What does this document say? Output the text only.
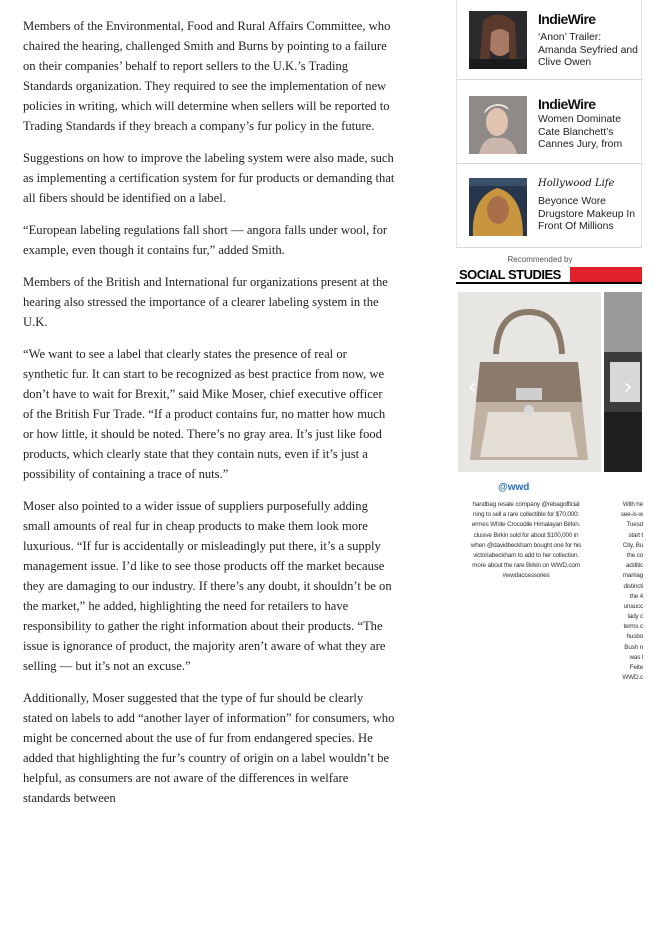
Members of the Environmental, Food and Rural Affairs Committee, who chaired the hearing, challenged Smith and Burns by pointing to a failure on their companies’ behalf to report sellers to the U.K.’s Trading Standards organization. They required to see the implementation of new policies in writing, which will determine when sellers will be reported to Trading Standards if they breach a company’s fur policy in the future.

Suggestions on how to improve the labeling system were also made, such as implementing a certification system for fur products or demanding that all fibers should be identified on a label.

“European labeling regulations fall short — angora falls under wool, for example, even though it contains fur,” added Smith.

Members of the British and International fur organizations present at the hearing also stressed the importance of a clearer labeling system in the U.K.

“We want to see a label that clearly states the presence of real or synthetic fur. It can start to be recognized as best practice from now, we don’t have to wait for Brexit,” said Mike Moser, chief executive officer of the British Fur Trade. “If a product contains fur, no matter how much or how little, it should be noted. There’s no gray area. It’s just like food products, which clearly state that they contain nuts, even if it’s just a possibility of containing a trace of nuts.”

Moser also pointed to a wider issue of suppliers purposefully adding small amounts of real fur in cheap products to make them look more luxurious. “If fur is accidentally or misleadingly put there, it’s a supply management issue. I’d like to see those products off the market because they are damaging to our industry. If there’s any doubt, it shouldn’t be on the market,” he added, highlighting the need for retailers to have responsibility to gather the right information about their products. “The issue is ignorance of product, the majority aren’t aware of what they are selling — but it’s not an excuse.”

Additionally, Moser suggested that the type of fur should be clearly stated on labels to add “another layer of information” for consumers, who might be concerned about the use of fur from endangered species. He added that highlighting the fur’s country of origin on a label wouldn’t be helpful, as consumers are not aware of the differences in welfare standards between

IndieWire
‘Anon’ Trailer: Amanda Seyfried and Clive Owen
IndieWire
Women Dominate Cate Blanchett’s Cannes Jury, from
Hollywood Life
Beyonce Wore Drugstore Makeup In Front Of Millions
Recommended by
SOCIAL STUDIES
‹	›
@wwd
handbag resale company @rebagofficial
ning to sell a rare collectible for $70,000:
ermes White Crocodile Himalayan Birkin.
clusive Birkin sold for about $100,000 in
when @davidbeckham bought one for his
victoriabeckham to add to her collection.
more about the rare Birkin on WWD.com
#wwdaccessories
With he
see-is-w
Tuesd
start t
City, Bu
the co
additic
marriag
distincti
the 4
unaucc
lady c
terms c
husbo
Bush n
was l
Feite
WWD.c
